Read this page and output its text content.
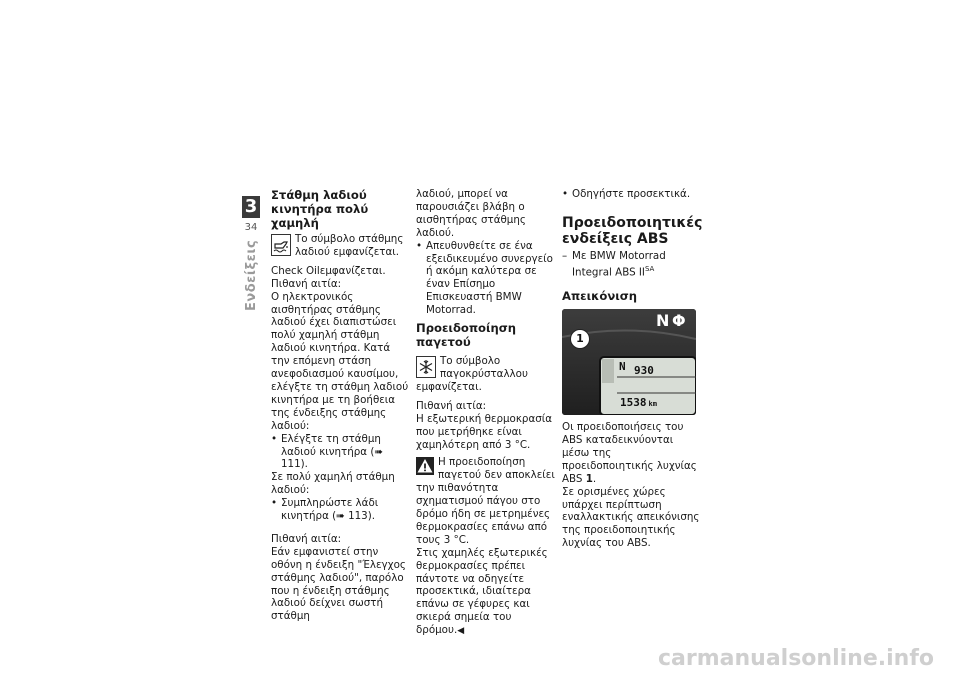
3
34
Ενδείξεις
Στάθμη λαδιού κινητήρα πολύ χαμηλή
Το σύμβολο στάθμης λαδιού εμφανίζεται.

Check Oilεμφανίζεται.

Πιθανή αιτία:

Ο ηλεκτρονικός αισθητήρας στάθμης λαδιού έχει διαπιστώσει πολύ χαμηλή στάθμη λαδιού κινητήρα. Κατά την επόμενη στάση ανεφοδιασμού καυσίμου, ελέγξτε τη στάθμη λαδιού κινητήρα με τη βοήθεια της ένδειξης στάθμης λαδιού:

• Ελέγξτε τη στάθμη λαδιού κινητήρα (➠ 111).

Σε πολύ χαμηλή στάθμη λαδιού:

• Συμπληρώστε λάδι κινητήρα (➠ 113).

Πιθανή αιτία:

Εάν εμφανιστεί στην οθόνη η ένδειξη "Έλεγχος στάθμης λαδιού", παρόλο που η ένδειξη στάθμης λαδιού δείχνει σωστή στάθμη

λαδιού, μπορεί να παρουσιάζει βλάβη ο αισθητήρας στάθμης λαδιού.

• Απευθυνθείτε σε ένα εξειδικευμένο συνεργείο ή ακόμη καλύτερα σε έναν Επίσημο Επισκευαστή BMW Motorrad.

Προειδοποίηση παγετού
Το σύμβολο παγοκρύσταλλου εμφανίζεται.

Πιθανή αιτία:

Η εξωτερική θερμοκρασία που μετρήθηκε είναι χαμηλότερη από 3 °C.

Η προειδοποίηση παγετού δεν αποκλείει την πιθανότητα σχηματισμού πάγου στο δρόμο ήδη σε μετρημένες θερμοκρασίες επάνω από τους 3 °C.

Στις χαμηλές εξωτερικές θερμοκρασίες πρέπει πάντοτε να οδηγείτε προσεκτικά, ιδιαίτερα επάνω σε γέφυρες και σκιερά σημεία του δρόμου.◀

• Οδηγήστε προσεκτικά.

Προειδοποιητικές ενδείξεις ABS

– Με BMW Motorrad Integral ABS $II^{SA}$

Απεικόνιση
N Φ
1
N 930
1538 km

Οι προειδοποιήσεις του ABS καταδεικνύονται μέσω της προειδοποιητικής λυχνίας ABS 1.

Σε ορισμένες χώρες υπάρχει περίπτωση εναλλακτικής απεικόνισης της προειδοποιητικής λυχνίας του ABS.

carmanualsonline.info
